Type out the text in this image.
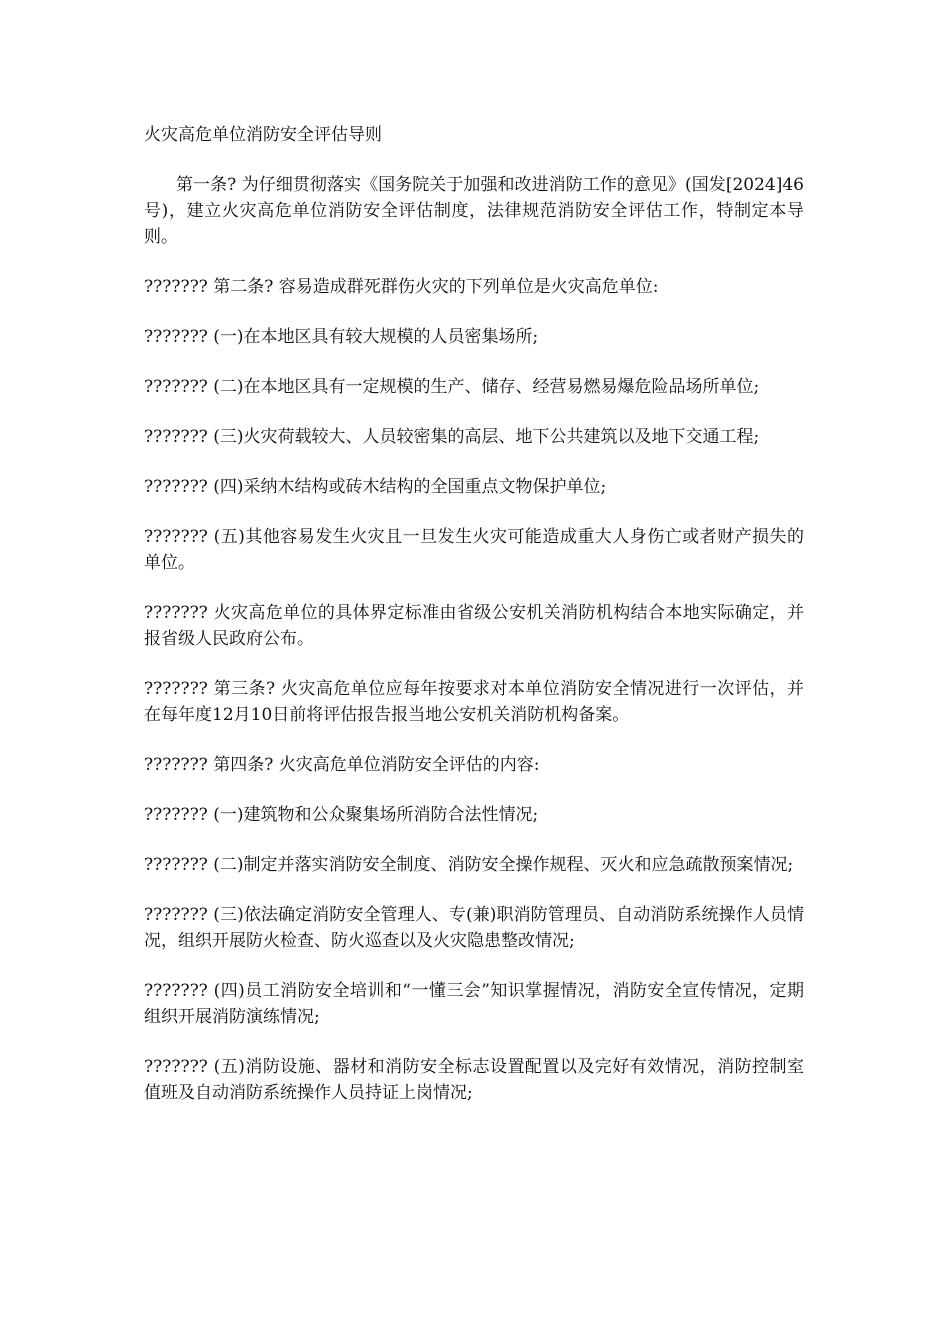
火灾高危单位消防安全评估导则

第一条? 为仔细贯彻落实《国务院关于加强和改进消防工作的意见》(国发[2024]46号)，建立火灾高危单位消防安全评估制度，法律规范消防安全评估工作，特制定本导则。

??????? 第二条? 容易造成群死群伤火灾的下列单位是火灾高危单位:

??????? (一)在本地区具有较大规模的人员密集场所;

??????? (二)在本地区具有一定规模的生产、储存、经营易燃易爆危险品场所单位;

??????? (三)火灾荷载较大、人员较密集的高层、地下公共建筑以及地下交通工程;

??????? (四)采纳木结构或砖木结构的全国重点文物保护单位;

??????? (五)其他容易发生火灾且一旦发生火灾可能造成重大人身伤亡或者财产损失的单位。

??????? 火灾高危单位的具体界定标准由省级公安机关消防机构结合本地实际确定，并报省级人民政府公布。

??????? 第三条? 火灾高危单位应每年按要求对本单位消防安全情况进行一次评估，并在每年度12月10日前将评估报告报当地公安机关消防机构备案。

??????? 第四条? 火灾高危单位消防安全评估的内容:

??????? (一)建筑物和公众聚集场所消防合法性情况;

??????? (二)制定并落实消防安全制度、消防安全操作规程、灭火和应急疏散预案情况;

??????? (三)依法确定消防安全管理人、专(兼)职消防管理员、自动消防系统操作人员情况，组织开展防火检查、防火巡查以及火灾隐患整改情况;

??????? (四)员工消防安全培训和“一懂三会”知识掌握情况，消防安全宣传情况，定期组织开展消防演练情况;

??????? (五)消防设施、器材和消防安全标志设置配置以及完好有效情况，消防控制室值班及自动消防系统操作人员持证上岗情况;
